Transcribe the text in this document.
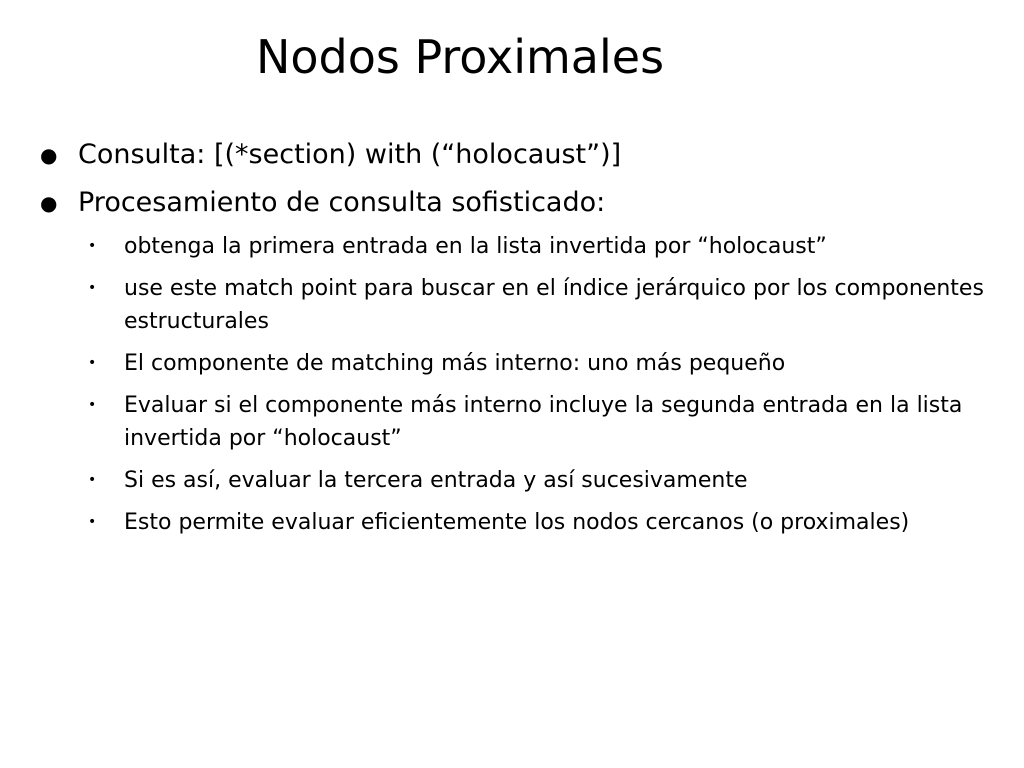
Nodos Proximales
● Consulta: [(*section) with (“holocaust”)]
● Procesamiento de consulta sofisticado:
• obtenga la primera entrada en la lista invertida por “holocaust”
• use este match point para buscar en el índice jerárquico por los componentes estructurales
• El componente de matching más interno: uno más pequeño
• Evaluar si el componente más interno incluye la segunda entrada en la lista invertida por “holocaust”
• Si es así, evaluar la tercera entrada y así sucesivamente
• Esto permite evaluar eficientemente los nodos cercanos (o proximales)
